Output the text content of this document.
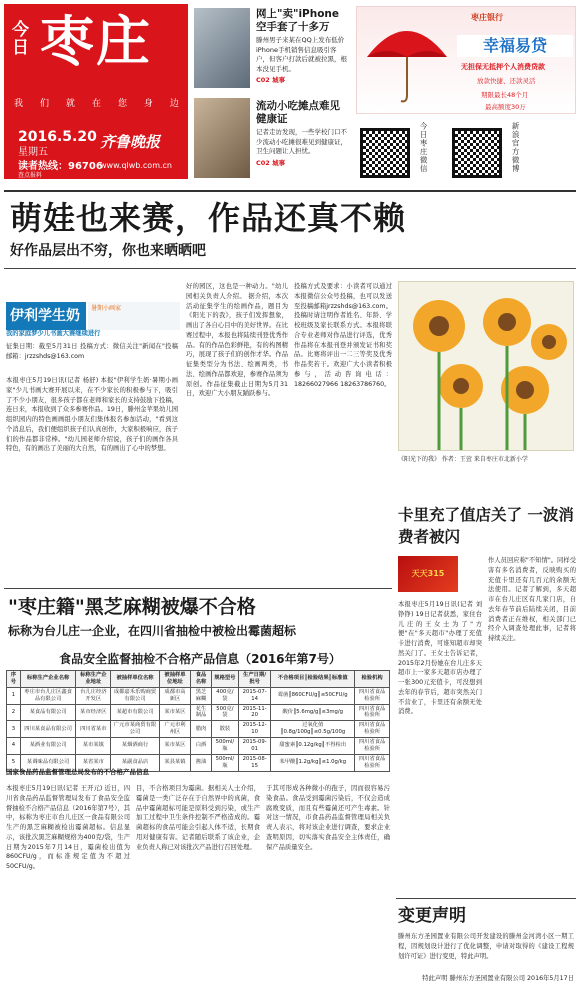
今日 枣庄
我 们 就 在 您 身 边
2016.5.20
星期五
读者热线：96706
齐鲁晚报
www.qlwb.com.cn
查点报料
网上"卖"iPhone 空手套了十多万
滕州男子来某在QQ上发布低价iPhone手机销售信息吸引客户，但客户打款后就被拉黑，根本没见手机。
C02 城事
流动小吃摊点难见健康证
记者走访发现，一些学校门口不少流动小吃摊很难见到健康证，卫生问题让人担忧。
C02 城事
枣庄银行
幸福易贷
无担保无抵押个人消费贷款
放款快捷、还款灵活
期限最长48个月
最高额度30万
今日枣庄微信	新浪官方微博
萌娃也来赛，作品还真不赖
好作品层出不穷，你也来晒晒吧
伊利学生奶	暑期小画家
我的家庭梦少儿书画大赛继续进行
征集日期：截至5月31日 投稿方式：微信关注"新闻在"投稿 邮箱：jrzzshds@163.com
本报枣庄5月19日讯(记者 杨舒) 本报"伊利学生奶·暑期小画家"少儿书画大赛开展以来，在不少家长的积极参与下，吸引了不少小朋友，很多孩子都在老师和家长的支持鼓励下投稿，连日来，本报收到了众多参赛作品。19日，滕州金苹果幼儿园组织园内的特色画画组小朋友们集体报名参加活动，"看到这个消息后，我们便组织孩子们认真创作，大家积极响应，孩子们的作品都非常棒。"幼儿园老师介绍说，孩子们的画作各具特色，有的画出了美丽的大自然，有的画出了心中的梦想。
好的园区，这也是一种动力。"幼儿园相关负责人介绍。 据介绍，本次活动征集学生的绘画作品，题目为《阳光下的我》，孩子们发挥想象，画出了各自心目中的美好世界。在比赛过程中，本报也将陆续刊登优秀作品。有的作品色彩鲜艳，有的构图精巧，展现了孩子们的创作才华。作品征集类型分为书法、绘画两类，书法、绘画作品都欢迎，参赛作品须为原创。作品征集截止日期为5月31日，欢迎广大小朋友踊跃参与。
投稿方式及要求：小读者可以通过本报微信公众号投稿，也可以发送至投稿邮箱jrzzshds@163.com。投稿时请注明作者姓名、年龄、学校班级及家长联系方式。本报将联合专业老师对作品进行评选，优秀作品将在本报刊登并颁发证书和奖品。比赛将评出一二三等奖及优秀作品奖若干。欢迎广大小读者积极参与，活动咨询电话：18266027966 18263786760。
《阳光下的我》 作者：王萱 来自枣庄市北新小学
卡里充了值店关了 一波消费者被闪
天天315
本报枣庄5月19日讯(记者 刘铮铮) 19日记者获悉，家住台儿庄的王女士为了"方便"在"多天超市"办理了充值卡进行消费，可谁知超市却突然关门了。王女士告诉记者，2015年2月份她在台儿庄多天超市上一家多天超市店办理了一张300元充值卡，可没想到去年的春节后，超市突然关门不营业了，卡里还有余额无处消费。
作人员回应称"不知情"。同样受害有多名消费者，反映购买的充值卡里还有几百元的余额无法使用。记者了解到，多天超市在台儿庄区有几家门店，自去年春节前后陆续关闭，目前消费者正在维权，相关部门已经介入调查处理此事，记者将持续关注。
"枣庄籍"黑芝麻糊被爆不合格
标称为台儿庄一企业，在四川省抽检中被检出霉菌超标
食品安全监督抽检不合格产品信息（2016年第7号）
序号	标称生产企业名称	标称生产企业地址	被抽样单位名称	被抽样单位地址	食品名称	规格型号	生产日期/批号	不合格项目║检验结果║标准值	检验机构
1	枣庄市台儿庄区鑫食品有限公司	台儿庄经济开发区	成都嘉禾乐购商贸有限公司	成都市高新区	黑芝麻糊	400克/袋	2015-07-14	霉菌║860CFU/g║≤50CFU/g	四川省食品检验所
2	某食品有限公司	某市经济区	某超市有限公司	某市某区	花生制品	500克/袋	2015-11-20	酸价║5.6mg/g║≤3mg/g	四川省食品检验所
3	四川某食品有限公司	四川省某市	广元市某商贸有限公司	广元市利州区	腊肉	散装	2015-12-10	过氧化值║0.8g/100g║≤0.5g/100g	四川省食品检验所
4	某酒业有限公司	某市某镇	某烟酒商行	某市某区	白酒	500ml/瓶	2015-09-01	甜蜜素║0.12g/kg║不得检出	四川省食品检验所
5	某调味品有限公司	某省某市	某副食品店	某县某镇	酱油	500ml/瓶	2015-08-15	苯甲酸║1.2g/kg║≤1.0g/kg	四川省食品检验所
国家食品药品监督管理总局发布的不合格产品信息
本报枣庄5月19日讯(记者 王开元) 近日，四川省食品药品监督管理局发布了食品安全监督抽检不合格产品信息（2016年第7号），其中，标称为枣庄市台儿庄区一食品有限公司生产的黑芝麻糊被检出霉菌超标。信息显示，该批次黑芝麻糊规格为400克/袋，生产日期为2015年7月14日，霉菌检出值为860CFU/g，而标准规定值为不超过50CFU/g。
目，不合格项目为霉菌。据相关人士介绍，霉菌是一类广泛存在于自然界中的真菌，食品中霉菌超标可能是原料受到污染，或生产加工过程中卫生条件控制不严格造成的。霉菌超标的食品可能会引起人体不适，长期食用对健康有害。记者随后联系了该企业，企业负责人称已对该批次产品进行召回处理。
于其可形成各种微小的孢子，因而很容易污染食品。食品受到霉菌污染后，不仅会造成腐败变质，而且有些霉菌还可产生毒素。针对这一情况，市食品药品监督管理局相关负责人表示，将对该企业进行调查，要求企业查明原因，切实落实食品安全主体责任，确保产品质量安全。
变更声明
滕州东方圣园置业有限公司开发建设的滕州金河湾小区一期工程，因规划设计进行了优化调整，申请对取得的《建设工程规划许可证》进行变更，特此声明。
特此声明 滕州东方圣园置业有限公司 2016年5月17日
